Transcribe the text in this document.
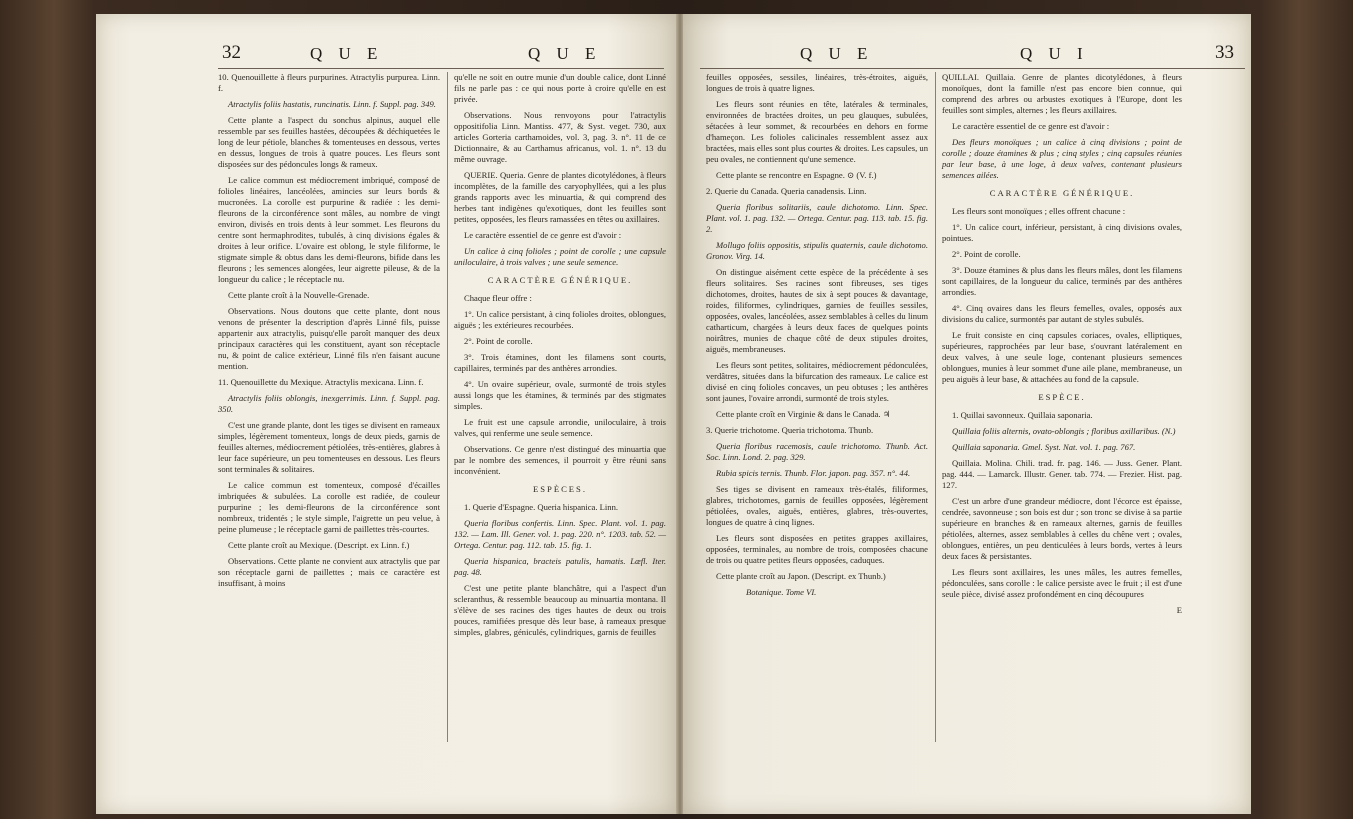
32	Q U E	Q U E	Q U E	Q U I	33

10. Quenouillette à fleurs purpurines. Atractylis purpurea. Linn. f.

Atractylis foliis hastatis, runcinatis. Linn. f. Suppl. pag. 349.

Cette plante a l'aspect du sonchus alpinus, auquel elle ressemble par ses feuilles hastées, découpées & déchiquetées le long de leur pétiole, blanches & tomenteuses en dessous, vertes en dessus, longues de trois à quatre pouces. Les fleurs sont disposées sur des pédoncules longs & rameux.

Le calice commun est médiocrement imbriqué, composé de folioles linéaires, lancéolées, amincies sur leurs bords & mucronées. La corolle est purpurine & radiée : les demi-fleurons de la circonférence sont mâles, au nombre de vingt environ, divisés en trois dents à leur sommet. Les fleurons du centre sont hermaphrodites, tubulés, à cinq divisions égales & droites à leur orifice. L'ovaire est oblong, le style filiforme, le stigmate simple & obtus dans les demi-fleurons, bifide dans les fleurons ; les semences alongées, leur aigrette pileuse, & de la longueur du calice ; le réceptacle nu.

Cette plante croît à la Nouvelle-Grenade.

Observations. Nous doutons que cette plante, dont nous venons de présenter la description d'après Linné fils, puisse appartenir aux atractylis, puisqu'elle paroît manquer des deux principaux caractères qui les constituent, ayant son réceptacle nu, & point de calice extérieur, Linné fils n'en faisant aucune mention.

11. Quenouillette du Mexique. Atractylis mexicana. Linn. f.

Atractylis foliis oblongis, inexgerrimis. Linn. f. Suppl. pag. 350.

C'est une grande plante, dont les tiges se divisent en rameaux simples, légèrement tomenteux, longs de deux pieds, garnis de feuilles alternes, médiocrement pétiolées, très-entières, glabres à leur face supérieure, un peu tomenteuses en dessous. Les fleurs sont terminales & solitaires.

Le calice commun est tomenteux, composé d'écailles imbriquées & subulées. La corolle est radiée, de couleur purpurine ; les demi-fleurons de la circonférence sont nombreux, tridentés ; le style simple, l'aigrette un peu velue, à peine plumeuse ; le réceptacle garni de paillettes très-courtes.

Cette plante croît au Mexique. (Descript. ex Linn. f.)

Observations. Cette plante ne convient aux atractylis que par son réceptacle garni de paillettes ; mais ce caractère est insuffisant, à moins

qu'elle ne soit en outre munie d'un double calice, dont Linné fils ne parle pas : ce qui nous porte à croire qu'elle en est privée.

Observations. Nous renvoyons pour l'atractylis oppositifolia Linn. Mantiss. 477, & Syst. veget. 730, aux articles Gorteria carthamoides, vol. 3, pag. 3. n°. 11 de ce Dictionnaire, & au Carthamus africanus, vol. 1. n°. 13 du même ouvrage.

QUERIE. Queria. Genre de plantes dicotylédones, à fleurs incomplètes, de la famille des caryophyllées, qui a les plus grands rapports avec les minuartia, & qui comprend des herbes tant indigènes qu'exotiques, dont les feuilles sont petites, opposées, les fleurs ramassées en têtes ou axillaires.

Le caractère essentiel de ce genre est d'avoir :

Un calice à cinq folioles ; point de corolle ; une capsule uniloculaire, à trois valves ; une seule semence.

CARACTÈRE GÉNÉRIQUE.

Chaque fleur offre :

1°. Un calice persistant, à cinq folioles droites, oblongues, aiguës ; les extérieures recourbées.

2°. Point de corolle.

3°. Trois étamines, dont les filamens sont courts, capillaires, terminés par des anthères arrondies.

4°. Un ovaire supérieur, ovale, surmonté de trois styles aussi longs que les étamines, & terminés par des stigmates simples.

Le fruit est une capsule arrondie, uniloculaire, à trois valves, qui renferme une seule semence.

Observations. Ce genre n'est distingué des minuartia que par le nombre des semences, il pourroit y être réuni sans inconvénient.

ESPÈCES.

1. Querie d'Espagne. Queria hispanica. Linn.

Queria floribus confertis. Linn. Spec. Plant. vol. 1. pag. 132. — Lam. Ill. Gener. vol. 1. pag. 220. n°. 1203. tab. 52. — Ortega. Centur. pag. 112. tab. 15. fig. 1.

Queria hispanica, bracteis patulis, hamatis. Læfl. Iter. pag. 48.

C'est une petite plante blanchâtre, qui a l'aspect d'un scleranthus, & ressemble beaucoup au minuartia montana. Il s'élève de ses racines des tiges hautes de deux ou trois pouces, ramifiées presque dès leur base, à rameaux presque simples, glabres, géniculés, cylindriques, garnis de feuilles

feuilles opposées, sessiles, linéaires, très-étroites, aiguës, longues de trois à quatre lignes.

Les fleurs sont réunies en tête, latérales & terminales, environnées de bractées droites, un peu glauques, subulées, sétacées à leur sommet, & recourbées en dehors en forme d'hameçon. Les folioles calicinales ressemblent assez aux bractées, mais elles sont plus courtes & droites. Les capsules, un peu ovales, ne contiennent qu'une semence.

Cette plante se rencontre en Espagne. ⊙ (V. f.)

2. Querie du Canada. Queria canadensis. Linn.

Queria floribus solitariis, caule dichotomo. Linn. Spec. Plant. vol. 1. pag. 132. — Ortega. Centur. pag. 113. tab. 15. fig. 2.

Mollugo foliis oppositis, stipulis quaternis, caule dichotomo. Gronov. Virg. 14.

On distingue aisément cette espèce de la précédente à ses fleurs solitaires. Ses racines sont fibreuses, ses tiges dichotomes, droites, hautes de six à sept pouces & davantage, roides, filiformes, cylindriques, garnies de feuilles sessiles, opposées, ovales, lancéolées, assez semblables à celles du linum catharticum, chargées à leurs deux faces de quelques points noirâtres, munies de chaque côté de deux stipules droites, aiguës, membraneuses.

Les fleurs sont petites, solitaires, médiocrement pédonculées, verdâtres, situées dans la bifurcation des rameaux. Le calice est divisé en cinq folioles concaves, un peu obtuses ; les anthères sont jaunes, l'ovaire arrondi, surmonté de trois styles.

Cette plante croît en Virginie & dans le Canada. ♃

3. Querie trichotome. Queria trichotoma. Thunb.

Queria floribus racemosis, caule trichotomo. Thunb. Act. Soc. Linn. Lond. 2. pag. 329.

Rubia spicis ternis. Thunb. Flor. japon. pag. 357. n°. 44.

Ses tiges se divisent en rameaux très-étalés, filiformes, glabres, trichotomes, garnis de feuilles opposées, légèrement pétiolées, ovales, aiguës, entières, glabres, très-ouvertes, longues de quatre à cinq lignes.

Les fleurs sont disposées en petites grappes axillaires, opposées, terminales, au nombre de trois, composées chacune de trois ou quatre petites fleurs opposées, caduques.

Cette plante croît au Japon. (Descript. ex Thunb.)

Botanique. Tome VI.

QUILLAI. Quillaia. Genre de plantes dicotylédones, à fleurs monoïques, dont la famille n'est pas encore bien connue, qui comprend des arbres ou arbustes exotiques à l'Europe, dont les feuilles sont simples, alternes ; les fleurs axillaires.

Le caractère essentiel de ce genre est d'avoir :

Des fleurs monoïques ; un calice à cinq divisions ; point de corolle ; douze étamines & plus ; cinq styles ; cinq capsules réunies par leur base, à une loge, à deux valves, contenant plusieurs semences ailées.

CARACTÈRE GÉNÉRIQUE.

Les fleurs sont monoïques ; elles offrent chacune :

1°. Un calice court, inférieur, persistant, à cinq divisions ovales, pointues.

2°. Point de corolle.

3°. Douze étamines & plus dans les fleurs mâles, dont les filamens sont capillaires, de la longueur du calice, terminés par des anthères arrondies.

4°. Cinq ovaires dans les fleurs femelles, ovales, opposés aux divisions du calice, surmontés par autant de styles subulés.

Le fruit consiste en cinq capsules coriaces, ovales, elliptiques, supérieures, rapprochées par leur base, s'ouvrant latéralement en deux valves, à une seule loge, contenant plusieurs semences oblongues, munies à leur sommet d'une aile plane, membraneuse, un peu aiguës à leur base, & attachées au fond de la capsule.

ESPÈCE.

1. Quillai savonneux. Quillaia saponaria.

Quillaia foliis alternis, ovato-oblongis ; floribus axillaribus. (N.)

Quillaia saponaria. Gmel. Syst. Nat. vol. 1. pag. 767.

Quillaia. Molina. Chili. trad. fr. pag. 146. — Juss. Gener. Plant. pag. 444. — Lamarck. Illustr. Gener. tab. 774. — Frezier. Hist. pag. 127.

C'est un arbre d'une grandeur médiocre, dont l'écorce est épaisse, cendrée, savonneuse ; son bois est dur ; son tronc se divise à sa partie supérieure en branches & en rameaux alternes, garnis de feuilles pétiolées, alternes, assez semblables à celles du chêne vert ; ovales, oblongues, entières, un peu denticulées à leurs bords, vertes à leurs deux faces & persistantes.

Les fleurs sont axillaires, les unes mâles, les autres femelles, pédonculées, sans corolle : le calice persiste avec le fruit ; il est d'une seule pièce, divisé assez profondément en cinq découpures

E
